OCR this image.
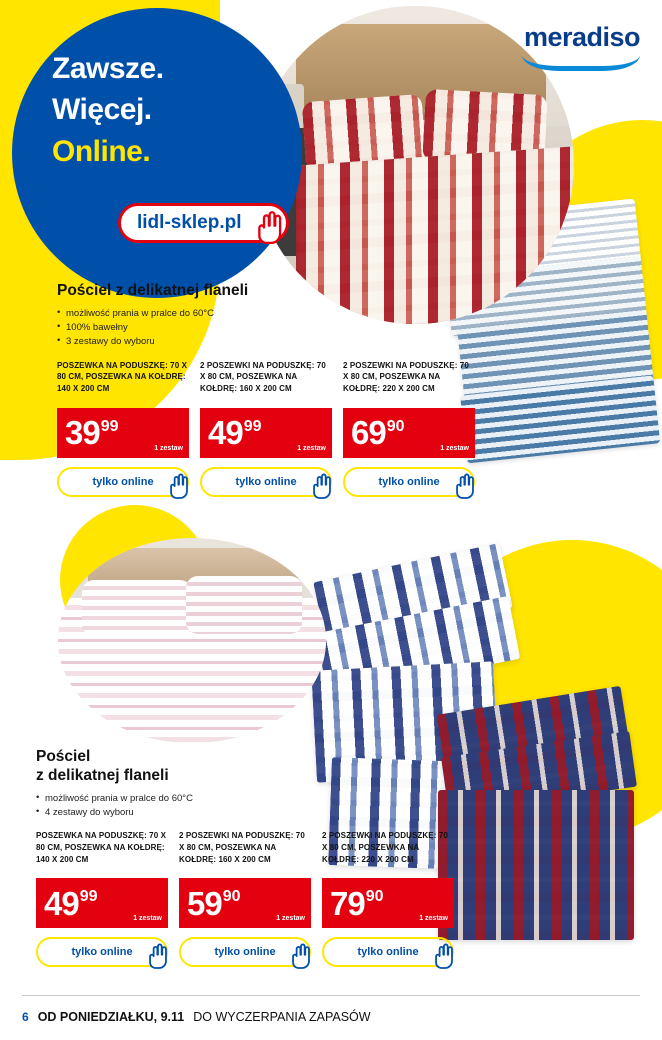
Zawsze.
Więcej.
Online.
meradiso
lidl-sklep.pl
Pościel z delikatnej flaneli
• możliwość prania w pralce do 60°C
• 100% bawełny
• 3 zestawy do wyboru
POSZEWKA NA PODUSZKĘ: 70 X 80 CM, POSZEWKA NA KOŁDRĘ: 140 X 200 CM
39 99
1 zestaw
tylko online
2 POSZEWKI NA PODUSZKĘ: 70 X 80 CM, POSZEWKA NA KOŁDRĘ: 160 X 200 CM
49 99
1 zestaw
tylko online
2 POSZEWKI NA PODUSZKĘ: 70 X 80 CM, POSZEWKA NA KOŁDRĘ: 220 X 200 CM
69 90
1 zestaw
tylko online
Pościel
z delikatnej flaneli
• możliwość prania w pralce do 60°C
• 4 zestawy do wyboru
POSZEWKA NA PODUSZKĘ: 70 X 80 CM, POSZEWKA NA KOŁDRĘ: 140 X 200 CM
49 99
1 zestaw
tylko online
2 POSZEWKI NA PODUSZKĘ: 70 X 80 CM, POSZEWKA NA KOŁDRĘ: 160 X 200 CM
59 90
1 zestaw
tylko online
2 POSZEWKI NA PODUSZKĘ: 70 X 80 CM, POSZEWKA NA KOŁDRĘ: 220 X 200 CM
79 90
1 zestaw
tylko online
6 OD PONIEDZIAŁKU, 9.11 DO WYCZERPANIA ZAPASÓW
